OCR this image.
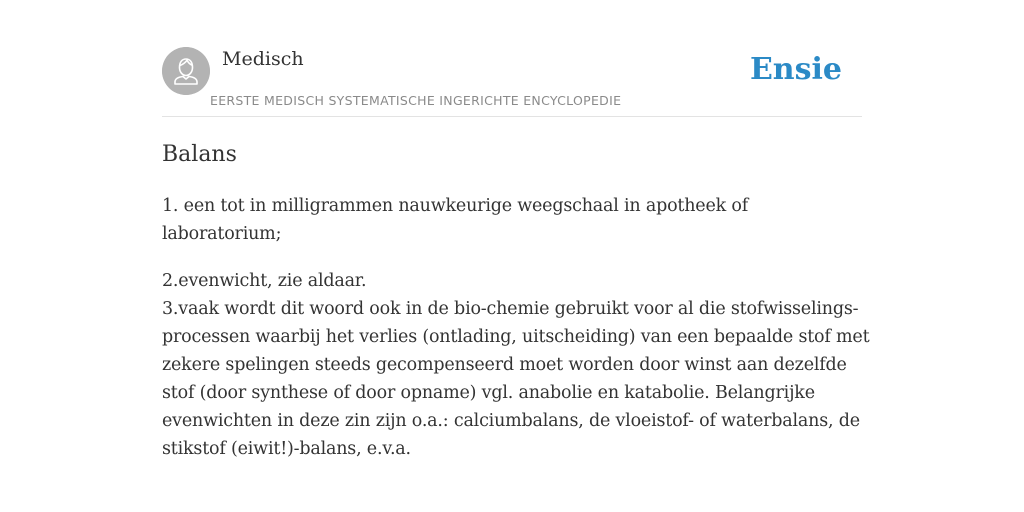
Medisch
EERSTE MEDISCH SYSTEMATISCHE INGERICHTE ENCYCLOPEDIE
Ensie
Balans

1. een tot in milligrammen nauwkeurige weegschaal in apotheek of laboratorium;

2.evenwicht, zie aldaar.
3.vaak wordt dit woord ook in de bio-chemie gebruikt voor al die stofwisselings-processen waarbij het verlies (ontlading, uitscheiding) van een bepaalde stof met zekere spelingen steeds gecompenseerd moet worden door winst aan dezelfde stof (door synthese of door opname) vgl. anabolie en katabolie. Belangrijke evenwichten in deze zin zijn o.a.: calciumbalans, de vloeistof- of waterbalans, de stikstof (eiwit!)-balans, e.v.a.
